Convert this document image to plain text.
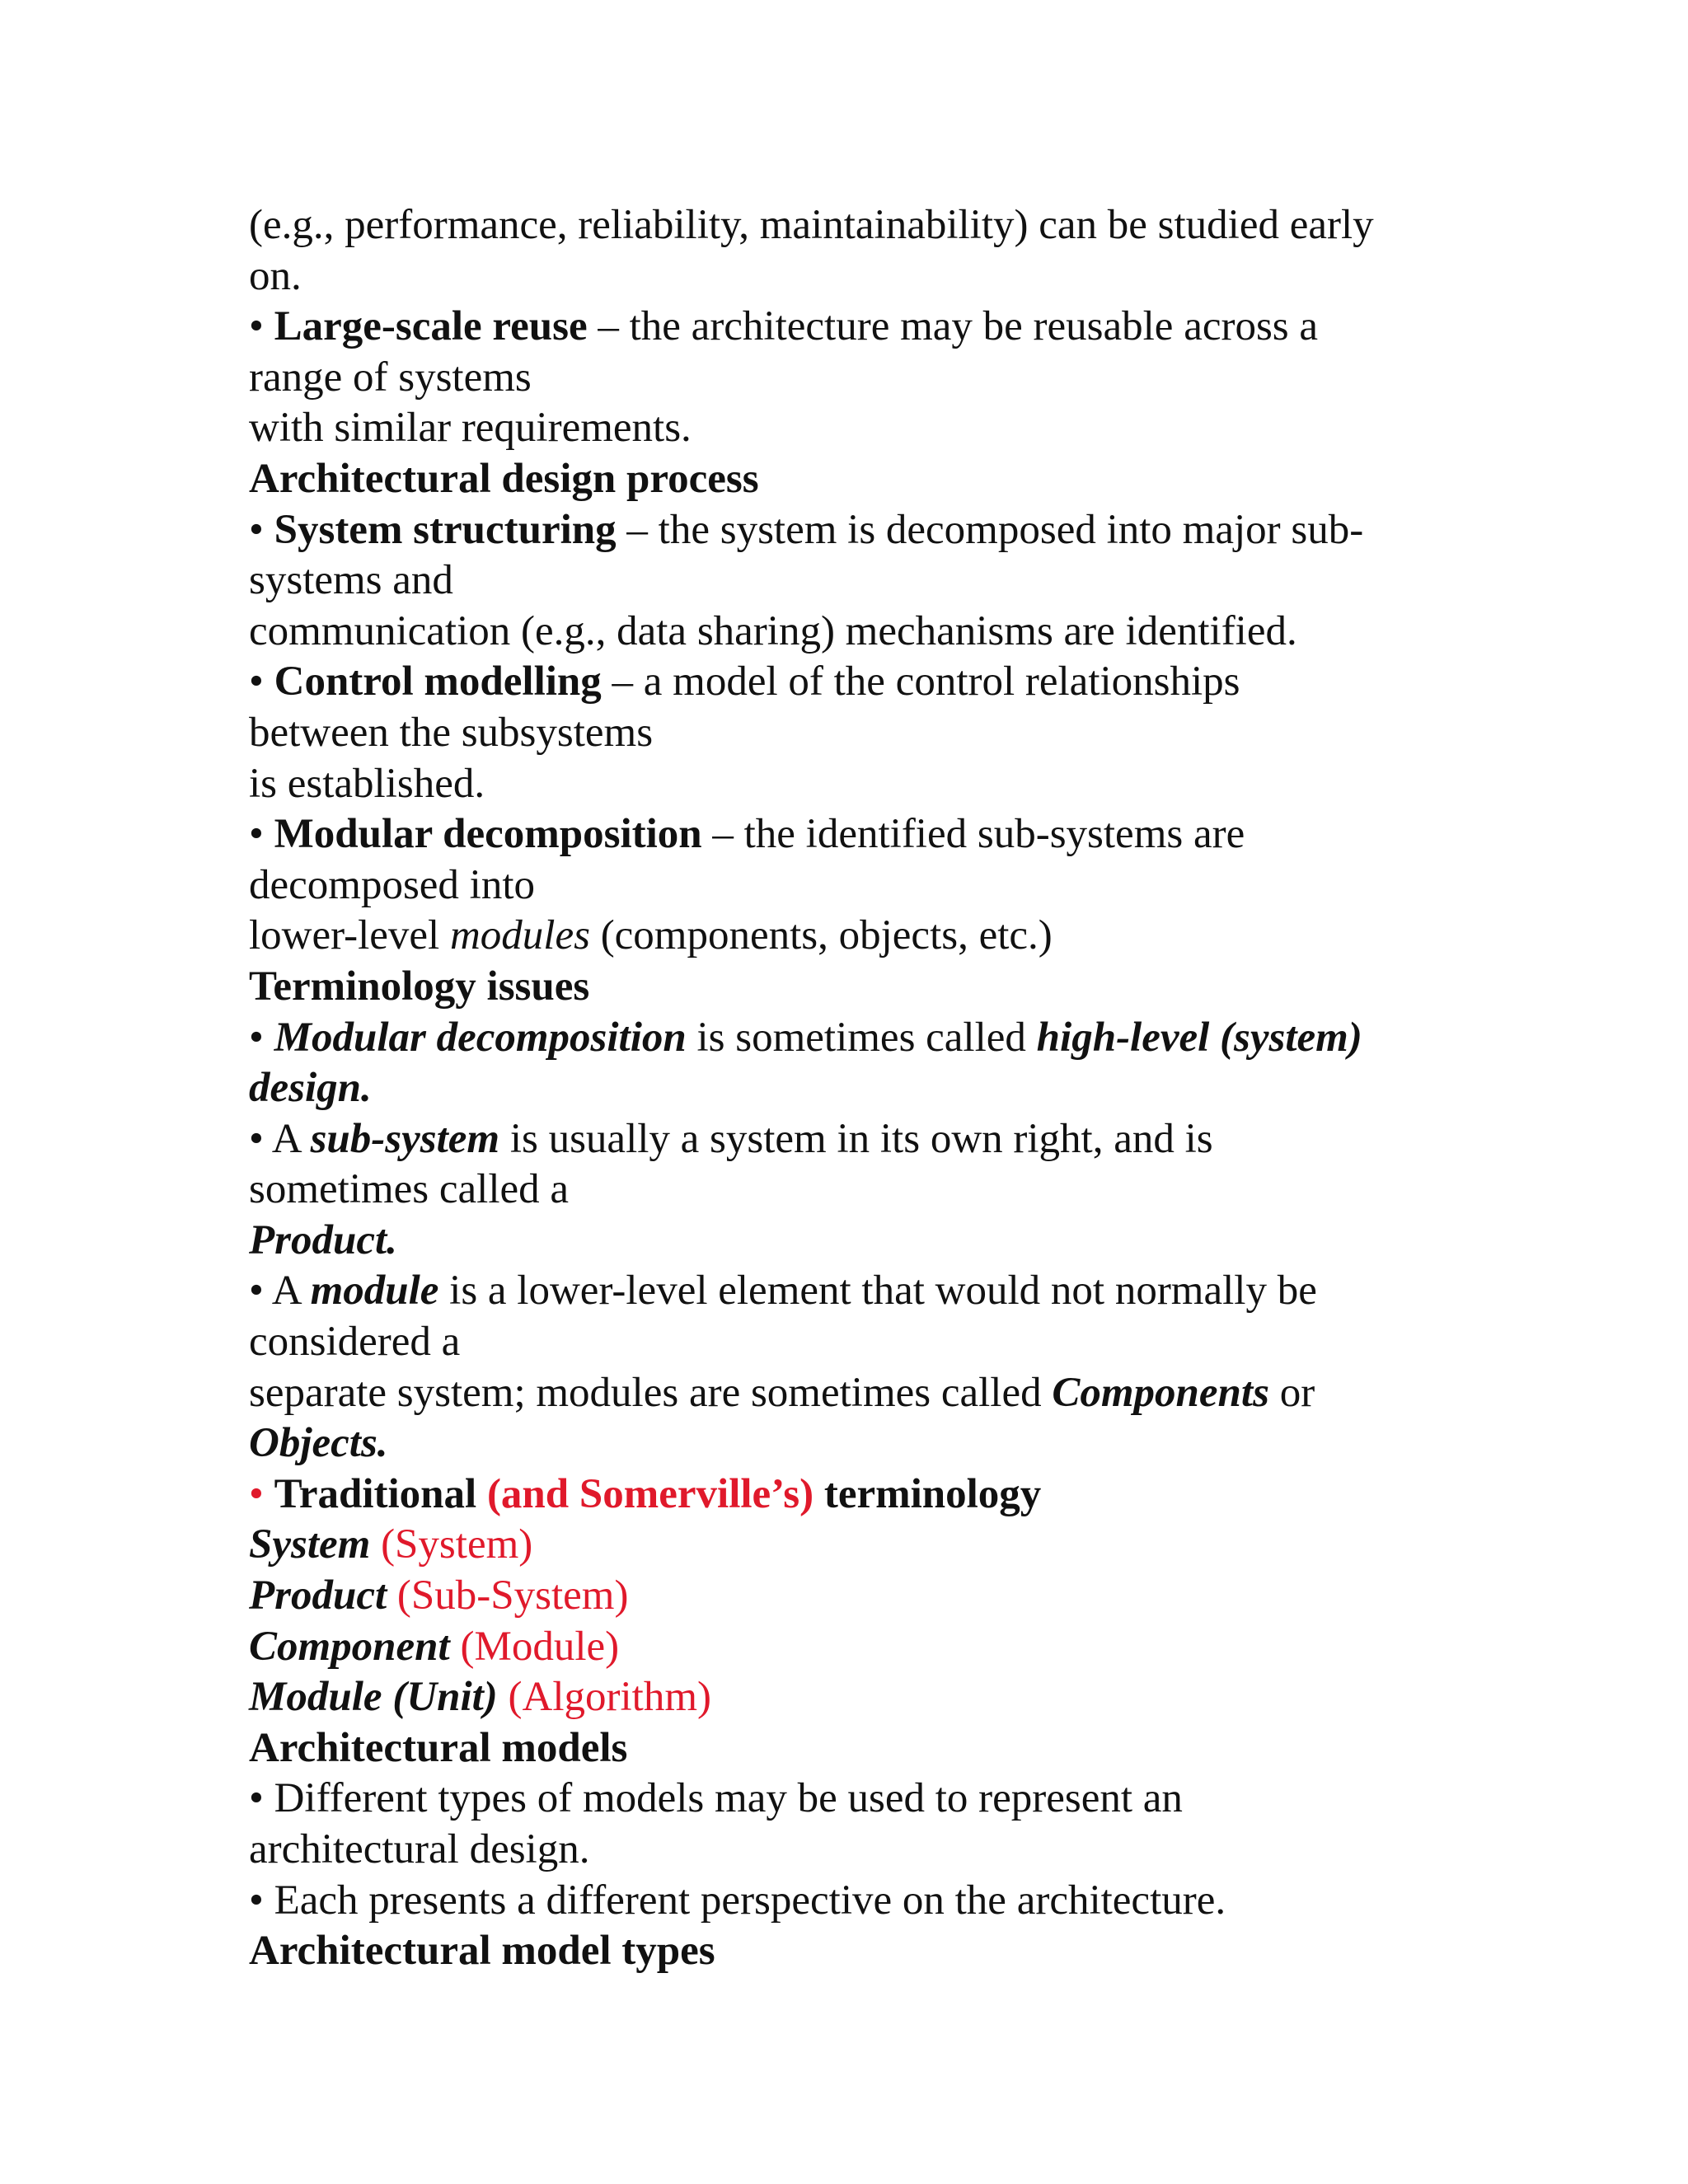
(e.g., performance, reliability, maintainability) can be studied early
on.
• Large-scale reuse – the architecture may be reusable across a
range of systems
with similar requirements.
Architectural design process
• System structuring – the system is decomposed into major sub-
systems and
communication (e.g., data sharing) mechanisms are identified.
• Control modelling – a model of the control relationships
between the subsystems
is established.
• Modular decomposition – the identified sub-systems are
decomposed into
lower-level modules (components, objects, etc.)
Terminology issues
• Modular decomposition is sometimes called high-level (system)
design.
• A sub-system is usually a system in its own right, and is
sometimes called a
Product.
• A module is a lower-level element that would not normally be
considered a
separate system; modules are sometimes called Components or
Objects.
• Traditional (and Somerville’s) terminology
System (System)
Product (Sub-System)
Component (Module)
Module (Unit) (Algorithm)
Architectural models
• Different types of models may be used to represent an
architectural design.
• Each presents a different perspective on the architecture.
Architectural model types
